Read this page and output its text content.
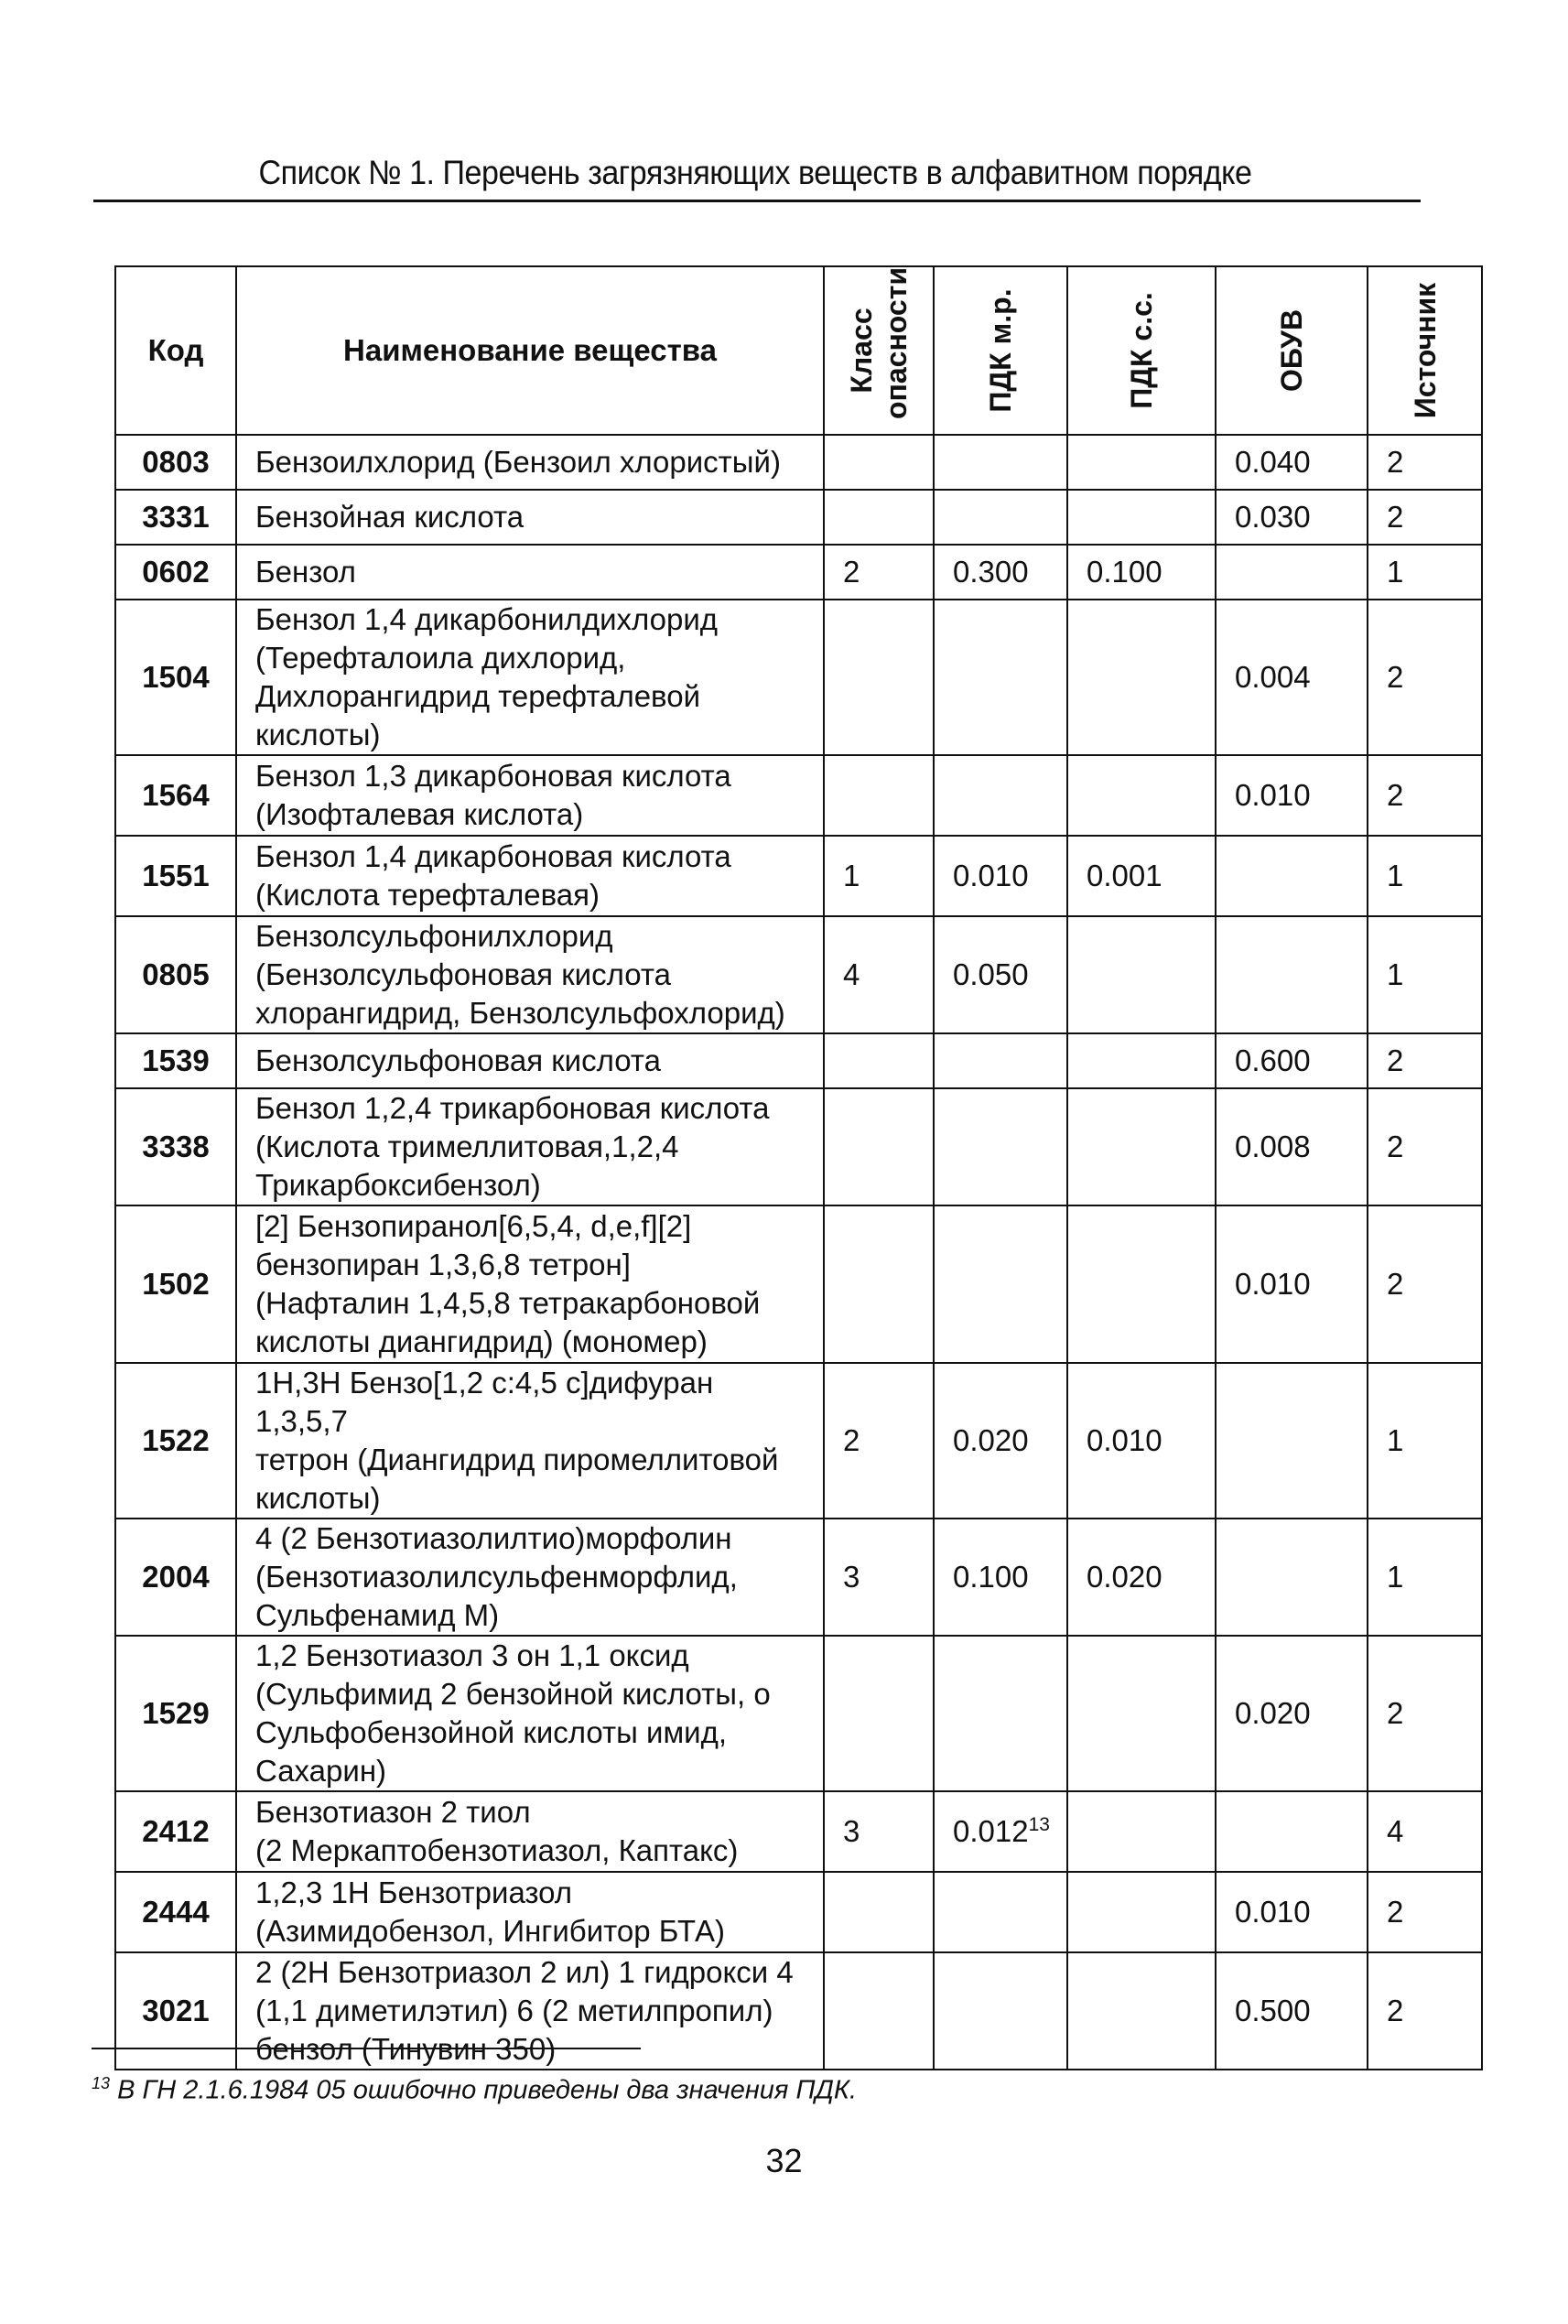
Список № 1. Перечень загрязняющих веществ в алфавитном порядке
Код	Наименование вещества	Класс опасности	ПДК м.р.	ПДК с.с.	ОБУВ	Источник

0803	Бензоилхлорид (Бензоил хлористый)				0.040	2
3331	Бензойная кислота				0.030	2
0602	Бензол	2	0.300	0.100		1
1504	Бензол 1,4 дикарбонилдихлорид
(Терефталоила дихлорид,
Дихлорангидрид терефталевой кислоты)				0.004	2
1564	Бензол 1,3 дикарбоновая кислота
(Изофталевая кислота)				0.010	2
1551	Бензол 1,4 дикарбоновая кислота
(Кислота терефталевая)	1	0.010	0.001		1
0805	Бензолсульфонилхлорид
(Бензолсульфоновая кислота
хлорангидрид, Бензолсульфохлорид)	4	0.050			1
1539	Бензолсульфоновая кислота				0.600	2
3338	Бензол 1,2,4 трикарбоновая кислота
(Кислота тримеллитовая,1,2,4
Трикарбоксибензол)				0.008	2
1502	[2] Бензопиранол[6,5,4, d,e,f][2]
бензопиран 1,3,6,8 тетрон]
(Нафталин 1,4,5,8 тетракарбоновой
кислоты диангидрид) (мономер)				0.010	2
1522	1Н,3Н Бензо[1,2 с:4,5 с]дифуран 1,3,5,7
тетрон (Диангидрид пиромеллитовой
кислоты)	2	0.020	0.010		1
2004	4 (2 Бензотиазолилтио)морфолин
(Бензотиазолилсульфенморфлид,
Сульфенамид М)	3	0.100	0.020		1
1529	1,2 Бензотиазол 3 он 1,1 оксид
(Сульфимид 2 бензойной кислоты, о
Сульфобензойной кислоты имид, Сахарин)				0.020	2
2412	Бензотиазон 2 тиол
(2 Меркаптобензотиазол, Каптакс)	3	0.012$^{13}$			4
2444	1,2,3 1Н Бензотриазол
(Азимидобензол, Ингибитор БТА)				0.010	2
3021	2 (2Н Бензотриазол 2 ил) 1 гидрокси 4
(1,1 диметилэтил) 6 (2 метилпропил)
бензол (Тинувин 350)				0.500	2
$^{13}$ В ГН 2.1.6.1984 05 ошибочно приведены два значения ПДК.
32
